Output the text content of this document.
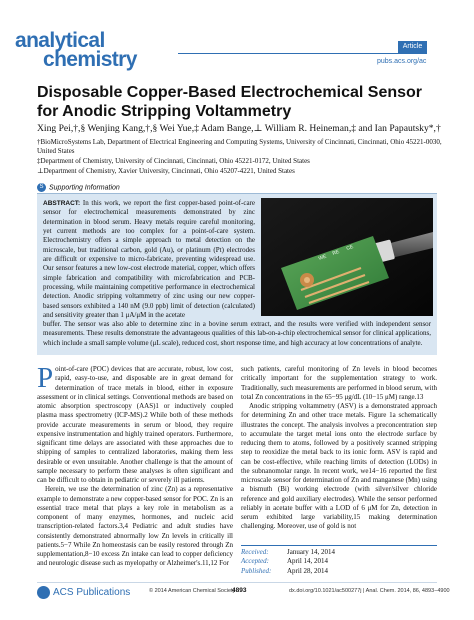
analytical
chemistry
Article
pubs.acs.org/ac
Disposable Copper-Based Electrochemical Sensor for Anodic Stripping Voltammetry
Xing Pei,†,§ Wenjing Kang,†,§ Wei Yue,‡ Adam Bange,⊥ William R. Heineman,‡ and Ian Papautsky*,†
†BioMicroSystems Lab, Department of Electrical Engineering and Computing Systems, University of Cincinnati, Cincinnati, Ohio 45221-0030, United States
‡Department of Chemistry, University of Cincinnati, Cincinnati, Ohio 45221-0172, United States
⊥Department of Chemistry, Xavier University, Cincinnati, Ohio 45207-4221, United States
S Supporting Information
ABSTRACT: In this work, we report the first copper-based point-of-care sensor for electrochemical measurements demonstrated by zinc determination in blood serum. Heavy metals require careful monitoring, yet current methods are too complex for a point-of-care system. Electrochemistry offers a simple approach to metal detection on the microscale, but traditional carbon, gold (Au), or platinum (Pt) electrodes are difficult or expensive to micro-fabricate, preventing widespread use. Our sensor features a new low-cost electrode material, copper, which offers simple fabrication and compatibility with microfabrication and PCB-processing, while maintaining competitive performance in electrochemical detection. Anodic stripping voltammetry of zinc using our new copper-based sensors exhibited a 140 nM (9.0 ppb) limit of detection (calculated) and sensitivity greater than 1 μA/μM in the acetate
WE
RE
CE
buffer. The sensor was also able to determine zinc in a bovine serum extract, and the results were verified with independent sensor measurements. These results demonstrate the advantageous qualities of this lab-on-a-chip electrochemical sensor for clinical applications, which include a small sample volume (μL scale), reduced cost, short response time, and high accuracy at low concentrations of analyte.

Point-of-care (POC) devices that are accurate, robust, low cost, rapid, easy-to-use, and disposable are in great demand for determination of trace metals in blood, either in exposure assessment or in clinical settings. Conventional methods are based on atomic absorption spectroscopy (AAS)1 or inductively coupled plasma mass spectrometry (ICP-MS).2 While both of these methods provide accurate measurements in serum or blood, they require expensive instrumentation and highly trained operators. Furthermore, significant time delays are associated with these approaches due to shipping of samples to centralized laboratories, making them less desirable or even unsuitable. Another challenge is that the amount of sample necessary to perform these analyses is often significant and can be difficult to obtain in pediatric or severely ill patients.

Herein, we use the determination of zinc (Zn) as a representative example to demonstrate a new copper-based sensor for POC. Zn is an essential trace metal that plays a key role in metabolism as a component of many enzymes, hormones, and nucleic acid transcription-related factors.3,4 Pediatric and adult studies have consistently demonstrated abnormally low Zn levels in critically ill patients.5−7 While Zn homeostasis can be easily restored through Zn supplementation,8−10 excess Zn intake can lead to copper deficiency and neurologic disease such as myelopathy or Alzheimer's.11,12 For

such patients, careful monitoring of Zn levels in blood becomes critically important for the supplementation strategy to work. Traditionally, such measurements are performed in blood serum, with total Zn concentrations in the 65−95 μg/dL (10−15 μM) range.13

Anodic stripping voltammetry (ASV) is a demonstrated approach for determining Zn and other trace metals. Figure 1a schematically illustrates the concept. The analysis involves a preconcentration step to accumulate the target metal ions onto the electrode surface by reducing them to atoms, followed by a positively scanned stripping step to reoxidize the metal back to its ionic form. ASV is rapid and can be cost-effective, while reaching limits of detection (LODs) in the subnanomolar range. In recent work, we14−16 reported the first microscale sensor for determination of Zn and manganese (Mn) using a bismuth (Bi) working electrode (with silver/silver chloride reference and gold auxiliary electrodes). While the sensor performed reliably in acetate buffer with a LOD of 6 μM for Zn, detection in serum exhibited large variability,15 making determination challenging. Moreover, use of gold is not

Received:	January 14, 2014
Accepted:	April 14, 2014
Published: April 28, 2014
ACS Publications	© 2014 American Chemical Society
4893	dx.doi.org/10.1021/ac500277j | Anal. Chem. 2014, 86, 4893−4900
